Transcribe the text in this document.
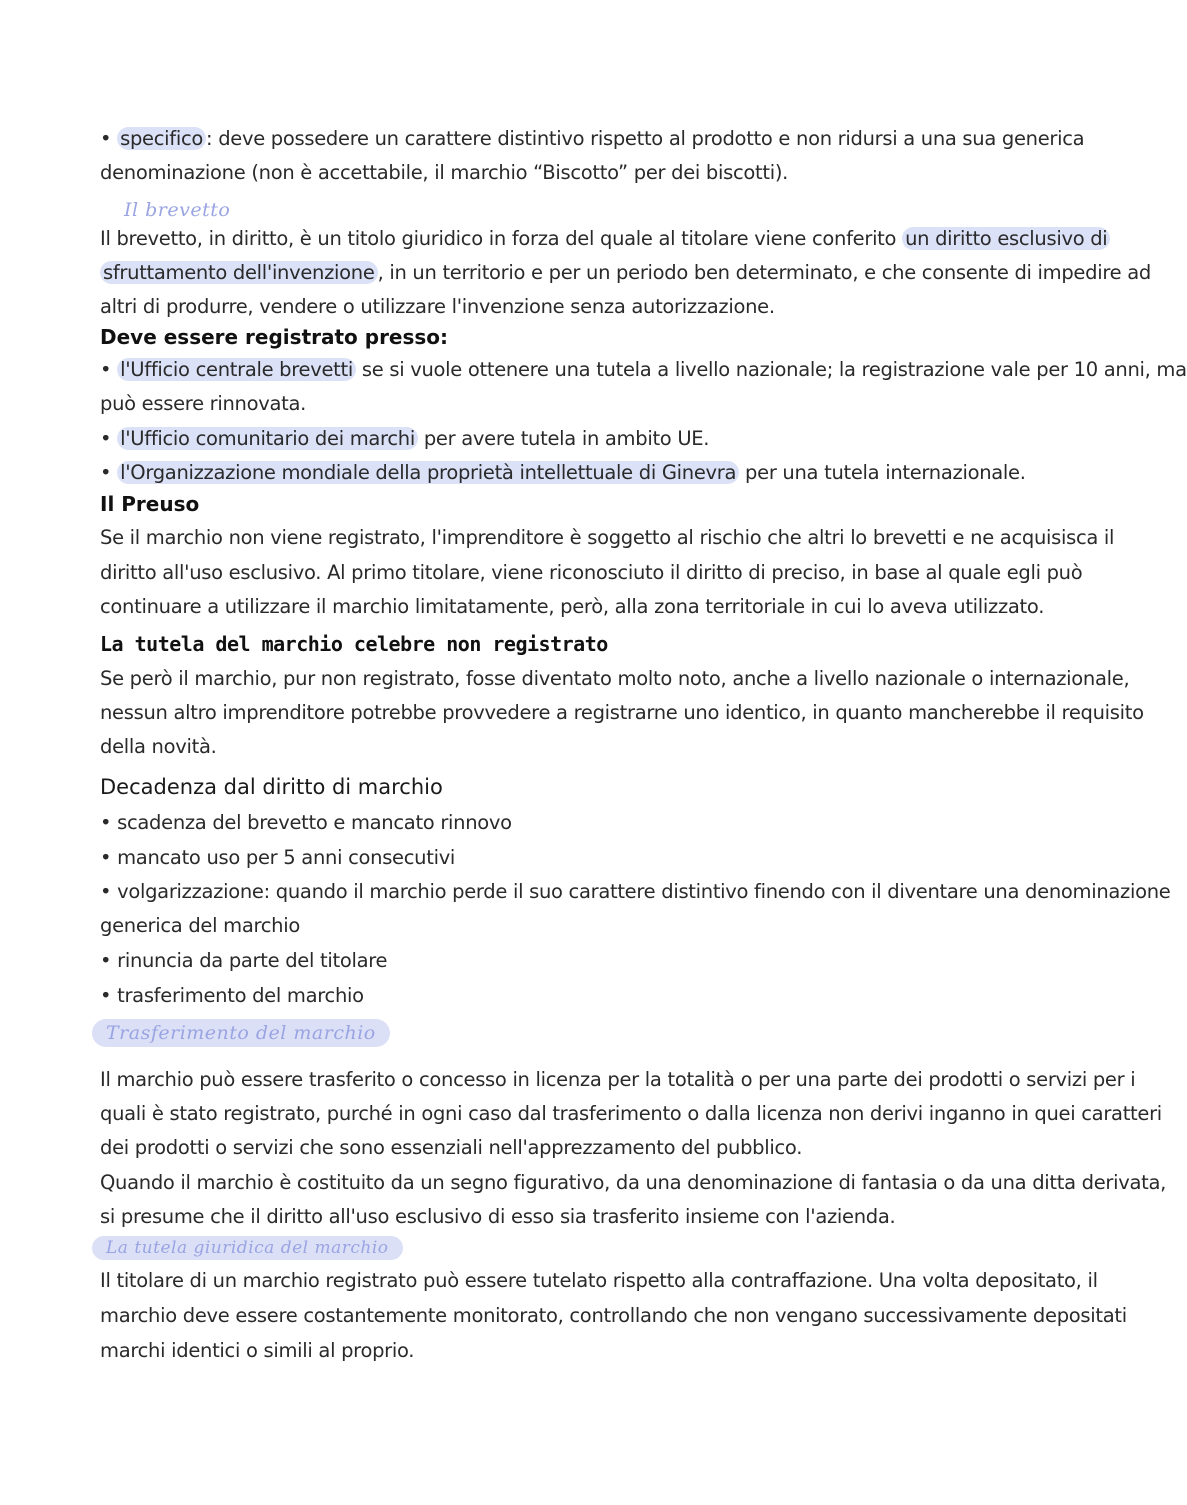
• specifico : deve possedere un carattere distintivo rispetto al prodotto e non ridursi a una sua generica
denominazione (non è accettabile, il marchio “Biscotto” per dei biscotti).
Il brevetto
Il brevetto, in diritto, è un titolo giuridico in forza del quale al titolare viene conferito un diritto esclusivo di
sfruttamento dell'invenzione , in un territorio e per un periodo ben determinato, e che consente di impedire ad
altri di produrre, vendere o utilizzare l'invenzione senza autorizzazione.
Deve essere registrato presso:
• l'Ufficio centrale brevetti se si vuole ottenere una tutela a livello nazionale; la registrazione vale per 10 anni, ma
può essere rinnovata.
• l'Ufficio comunitario dei marchi per avere tutela in ambito UE.
• l'Organizzazione mondiale della proprietà intellettuale di Ginevra per una tutela internazionale.
Il Preuso
Se il marchio non viene registrato, l'imprenditore è soggetto al rischio che altri lo brevetti e ne acquisisca il
diritto all'uso esclusivo. Al primo titolare, viene riconosciuto il diritto di preciso, in base al quale egli può
continuare a utilizzare il marchio limitatamente, però, alla zona territoriale in cui lo aveva utilizzato.
La tutela del marchio celebre non registrato
Se però il marchio, pur non registrato, fosse diventato molto noto, anche a livello nazionale o internazionale,
nessun altro imprenditore potrebbe provvedere a registrarne uno identico, in quanto mancherebbe il requisito
della novità.
Decadenza dal diritto di marchio
• scadenza del brevetto e mancato rinnovo
• mancato uso per 5 anni consecutivi
• volgarizzazione: quando il marchio perde il suo carattere distintivo finendo con il diventare una denominazione
generica del marchio
• rinuncia da parte del titolare
• trasferimento del marchio
Trasferimento del marchio
Il marchio può essere trasferito o concesso in licenza per la totalità o per una parte dei prodotti o servizi per i
quali è stato registrato, purché in ogni caso dal trasferimento o dalla licenza non derivi inganno in quei caratteri
dei prodotti o servizi che sono essenziali nell'apprezzamento del pubblico.
Quando il marchio è costituito da un segno figurativo, da una denominazione di fantasia o da una ditta derivata,
si presume che il diritto all'uso esclusivo di esso sia trasferito insieme con l'azienda.
La tutela giuridica del marchio
Il titolare di un marchio registrato può essere tutelato rispetto alla contraffazione. Una volta depositato, il
marchio deve essere costantemente monitorato, controllando che non vengano successivamente depositati
marchi identici o simili al proprio.
